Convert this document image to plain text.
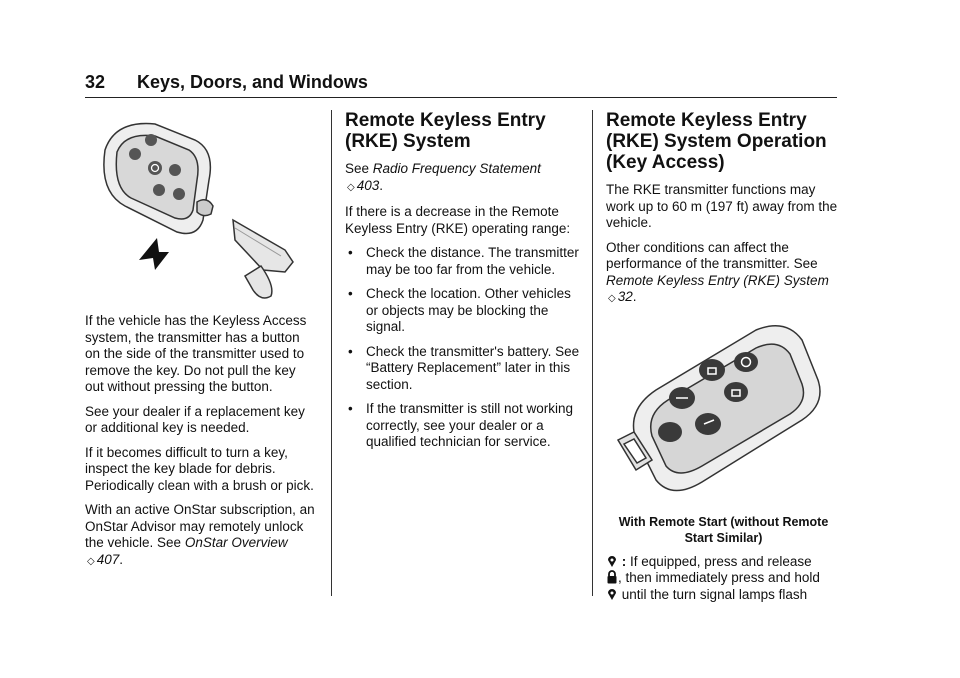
32 Keys, Doors, and Windows

If the vehicle has the Keyless Access system, the transmitter has a button on the side of the transmitter used to remove the key. Do not pull the key out without pressing the button.

See your dealer if a replacement key or additional key is needed.

If it becomes difficult to turn a key, inspect the key blade for debris. Periodically clean with a brush or pick.

With an active OnStar subscription, an OnStar Advisor may remotely unlock the vehicle. See OnStar Overview ◇ 407.

Remote Keyless Entry (RKE) System

See Radio Frequency Statement
◇ 403.

If there is a decrease in the Remote Keyless Entry (RKE) operating range:

• Check the distance. The transmitter may be too far from the vehicle.
• Check the location. Other vehicles or objects may be blocking the signal.
• Check the transmitter's battery. See “Battery Replacement” later in this section.
• If the transmitter is still not working correctly, see your dealer or a qualified technician for service.
Remote Keyless Entry (RKE) System Operation (Key Access)

The RKE transmitter functions may work up to 60 m (197 ft) away from the vehicle.

Other conditions can affect the performance of the transmitter. See Remote Keyless Entry (RKE) System ◇ 32.

With Remote Start (without Remote Start Similar)

: If equipped, press and release
, then immediately press and hold
until the turn signal lamps flash
